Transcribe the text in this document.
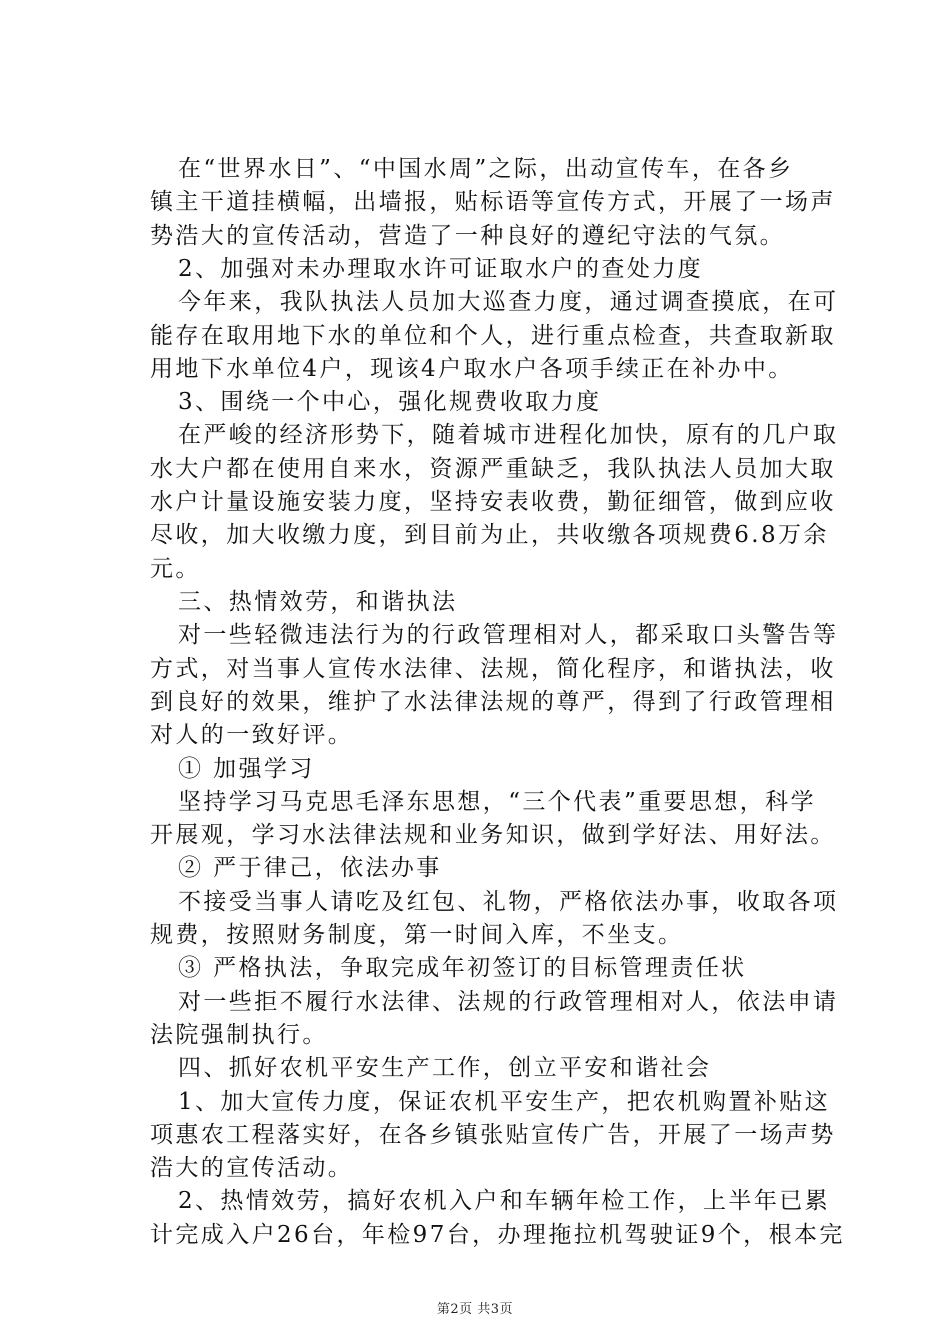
在“世界水日”、“中国水周”之际，出动宣传车，在各乡
镇主干道挂横幅，出墙报，贴标语等宣传方式，开展了一场声
势浩大的宣传活动，营造了一种良好的遵纪守法的气氛。
2、加强对未办理取水许可证取水户的查处力度
今年来，我队执法人员加大巡查力度，通过调查摸底，在可
能存在取用地下水的单位和个人，进行重点检查，共查取新取
用地下水单位4户，现该4户取水户各项手续正在补办中。
3、围绕一个中心，强化规费收取力度
在严峻的经济形势下，随着城市进程化加快，原有的几户取
水大户都在使用自来水，资源严重缺乏，我队执法人员加大取
水户计量设施安装力度，坚持安表收费，勤征细管，做到应收
尽收，加大收缴力度，到目前为止，共收缴各项规费6.8万余
元。
三、热情效劳，和谐执法
对一些轻微违法行为的行政管理相对人，都采取口头警告等
方式，对当事人宣传水法律、法规，简化程序，和谐执法，收
到良好的效果，维护了水法律法规的尊严，得到了行政管理相
对人的一致好评。
① 加强学习
坚持学习马克思毛泽东思想，“三个代表”重要思想，科学
开展观，学习水法律法规和业务知识，做到学好法、用好法。
② 严于律己，依法办事
不接受当事人请吃及红包、礼物，严格依法办事，收取各项
规费，按照财务制度，第一时间入库，不坐支。
③ 严格执法，争取完成年初签订的目标管理责任状
对一些拒不履行水法律、法规的行政管理相对人，依法申请
法院强制执行。
四、抓好农机平安生产工作，创立平安和谐社会
1、加大宣传力度，保证农机平安生产，把农机购置补贴这
项惠农工程落实好，在各乡镇张贴宣传广告，开展了一场声势
浩大的宣传活动。
2、热情效劳，搞好农机入户和车辆年检工作，上半年已累
计完成入户26台，年检97台，办理拖拉机驾驶证9个，根本完
第2页 共3页
